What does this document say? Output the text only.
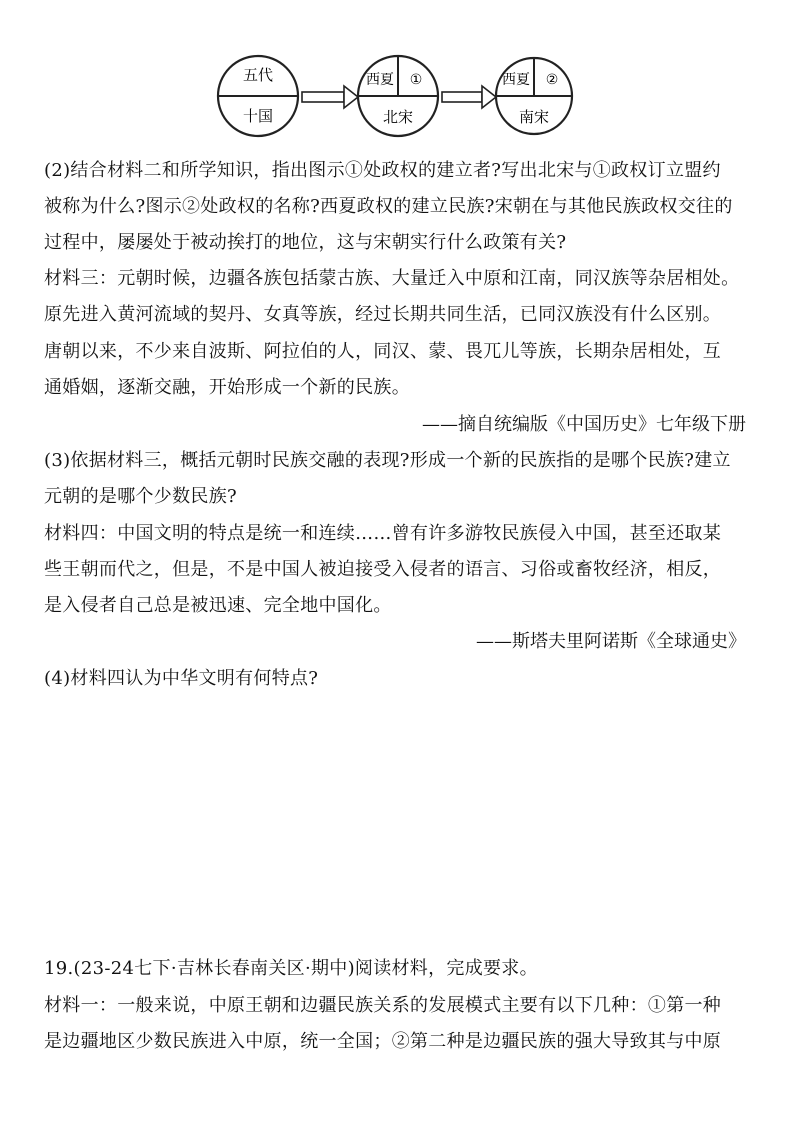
五代
十国
西夏 ①
北宋
西夏 ②
南宋
(2)结合材料二和所学知识，指出图示①处政权的建立者?写出北宋与①政权订立盟约
被称为什么?图示②处政权的名称?西夏政权的建立民族?宋朝在与其他民族政权交往的
过程中，屡屡处于被动挨打的地位，这与宋朝实行什么政策有关?
材料三：元朝时候，边疆各族包括蒙古族、大量迁入中原和江南，同汉族等杂居相处。
原先进入黄河流域的契丹、女真等族，经过长期共同生活，已同汉族没有什么区别。
唐朝以来，不少来自波斯、阿拉伯的人，同汉、蒙、畏兀儿等族，长期杂居相处，互
通婚姻，逐渐交融，开始形成一个新的民族。
——摘自统编版《中国历史》七年级下册
(3)依据材料三，概括元朝时民族交融的表现?形成一个新的民族指的是哪个民族?建立
元朝的是哪个少数民族?
材料四：中国文明的特点是统一和连续……曾有许多游牧民族侵入中国，甚至还取某
些王朝而代之，但是，不是中国人被迫接受入侵者的语言、习俗或畜牧经济，相反，
是入侵者自己总是被迅速、完全地中国化。
——斯塔夫里阿诺斯《全球通史》
(4)材料四认为中华文明有何特点?
19.(23-24七下·吉林长春南关区·期中)阅读材料，完成要求。
材料一：一般来说，中原王朝和边疆民族关系的发展模式主要有以下几种：①第一种
是边疆地区少数民族进入中原，统一全国；②第二种是边疆民族的强大导致其与中原
